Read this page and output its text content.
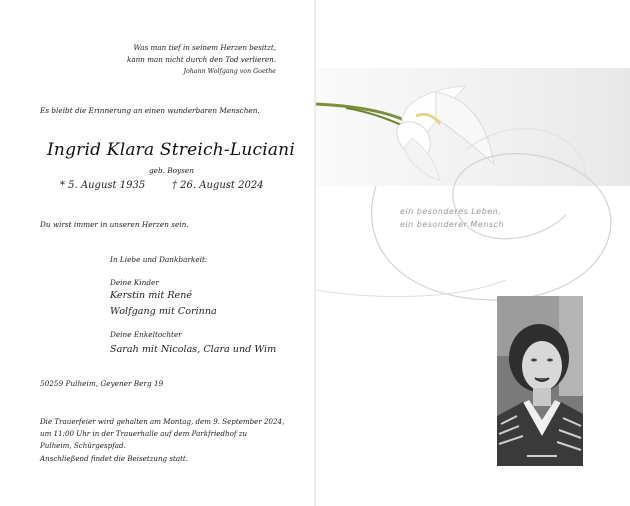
Was man tief in seinem Herzen besitzt,
kann man nicht durch den Tod verlieren.
Johann Wolfgang von Goethe
Es bleibt die Erinnerung an einen wunderbaren Menschen.
Ingrid Klara Streich-Luciani
geb. Boysen
* 5. August 1935	† 26. August 2024
Du wirst immer in unseren Herzen sein.
In Liebe und Dankbarkeit:
Deine Kinder
Kerstin mit René
Wolfgang mit Corinna
Deine Enkeltochter
Sarah mit Nicolas, Clara und Wim
50259 Pulheim, Geyener Berg 19
Die Trauerfeier wird gehalten am Montag, dem 9. September 2024,
um 11:00 Uhr in der Trauerhalle auf dem Parkfriedhof zu
Pulheim, Schürgespfad.
Anschließend findet die Beisetzung statt.
ein besonderes Leben,
ein besonderer Mensch
